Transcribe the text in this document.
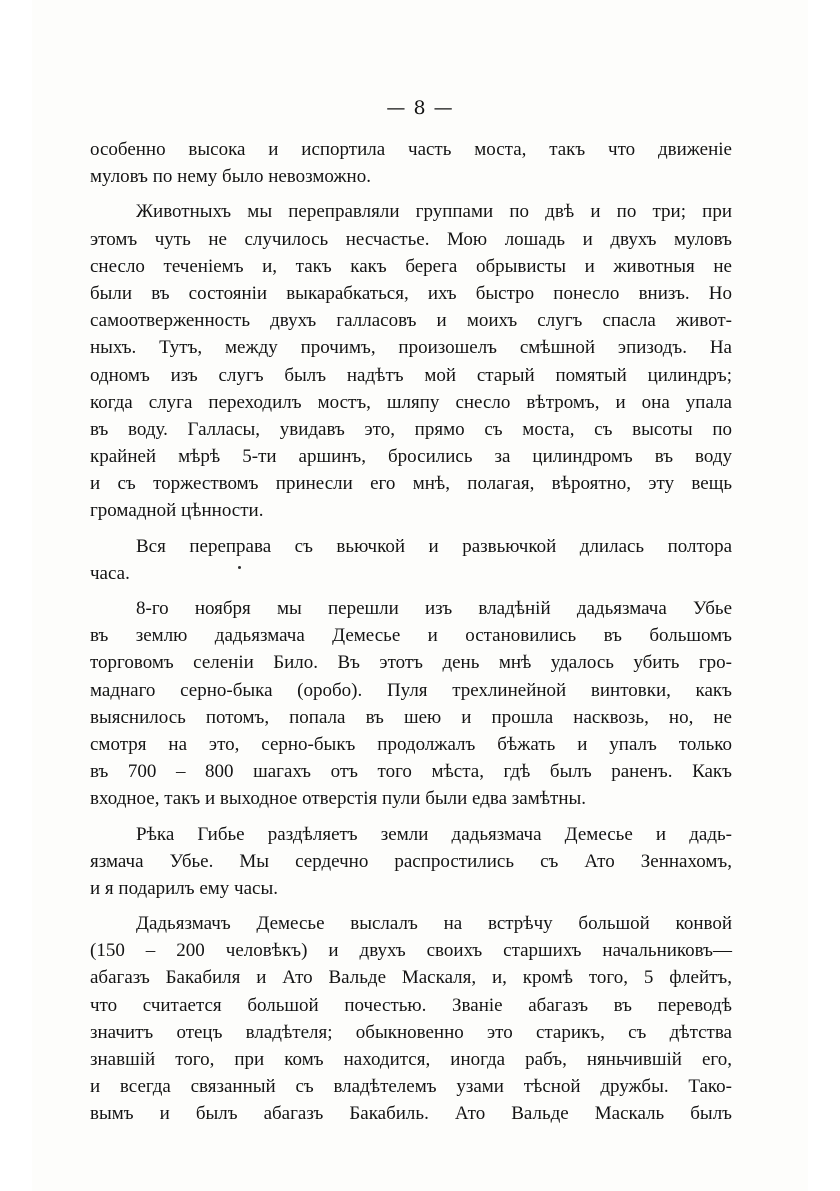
— 8 —
особенно высока и испортила часть моста, такъ что движенiе
муловъ по нему было невозможно.
Животныхъ мы переправляли группами по двѣ и по три; при
этомъ чуть не случилось несчастье. Мою лошадь и двухъ муловъ
снесло теченiемъ и, такъ какъ берега обрывисты и животныя не
были въ состоянiи выкарабкаться, ихъ быстро понесло внизъ. Но
самоотверженность двухъ галласовъ и моихъ слугъ спасла живот-
ныхъ. Тутъ, между прочимъ, произошелъ смѣшной эпизодъ. На
одномъ изъ слугъ былъ надѣтъ мой старый помятый цилиндръ;
когда слуга переходилъ мостъ, шляпу снесло вѣтромъ, и она упала
въ воду. Галласы, увидавъ это, прямо съ моста, съ высоты по
крайней мѣрѣ 5-ти аршинъ, бросились за цилиндромъ въ воду
и съ торжествомъ принесли его мнѣ, полагая, вѣроятно, эту вещь
громадной цѣнности.
Вся переправа съ вьючкой и развьючкой длилась полтора
часа.
8-го ноября мы перешли изъ владѣнiй дадьязмача Убье
въ землю дадьязмача Демесье и остановились въ большомъ
торговомъ селенiи Било. Въ этотъ день мнѣ удалось убить гро-
маднаго серно-быка (оробо). Пуля трехлинейной винтовки, какъ
выяснилось потомъ, попала въ шею и прошла насквозь, но, не
смотря на это, серно-быкъ продолжалъ бѣжать и упалъ только
въ 700 – 800 шагахъ отъ того мѣста, гдѣ былъ раненъ. Какъ
входное, такъ и выходное отверстiя пули были едва замѣтны.
Рѣка Гибье раздѣляетъ земли дадьязмача Демесье и дадь-
язмача Убье. Мы сердечно распростились съ Ато Зеннахомъ,
и я подарилъ ему часы.
Дадьязмачъ Демесье выслалъ на встрѣчу большой конвой
(150 – 200 человѣкъ) и двухъ своихъ старшихъ начальниковъ—
абагазъ Бакабиля и Ато Вальде Маскаля, и, кромѣ того, 5 флейтъ,
что считается большой почестью. Званiе абагазъ въ переводѣ
значитъ отецъ владѣтеля; обыкновенно это старикъ, съ дѣтства
знавшiй того, при комъ находится, иногда рабъ, няньчившiй его,
и всегда связанный съ владѣтелемъ узами тѣсной дружбы. Тако-
вымъ и былъ абагазъ Бакабиль. Ато Вальде Маскаль былъ
